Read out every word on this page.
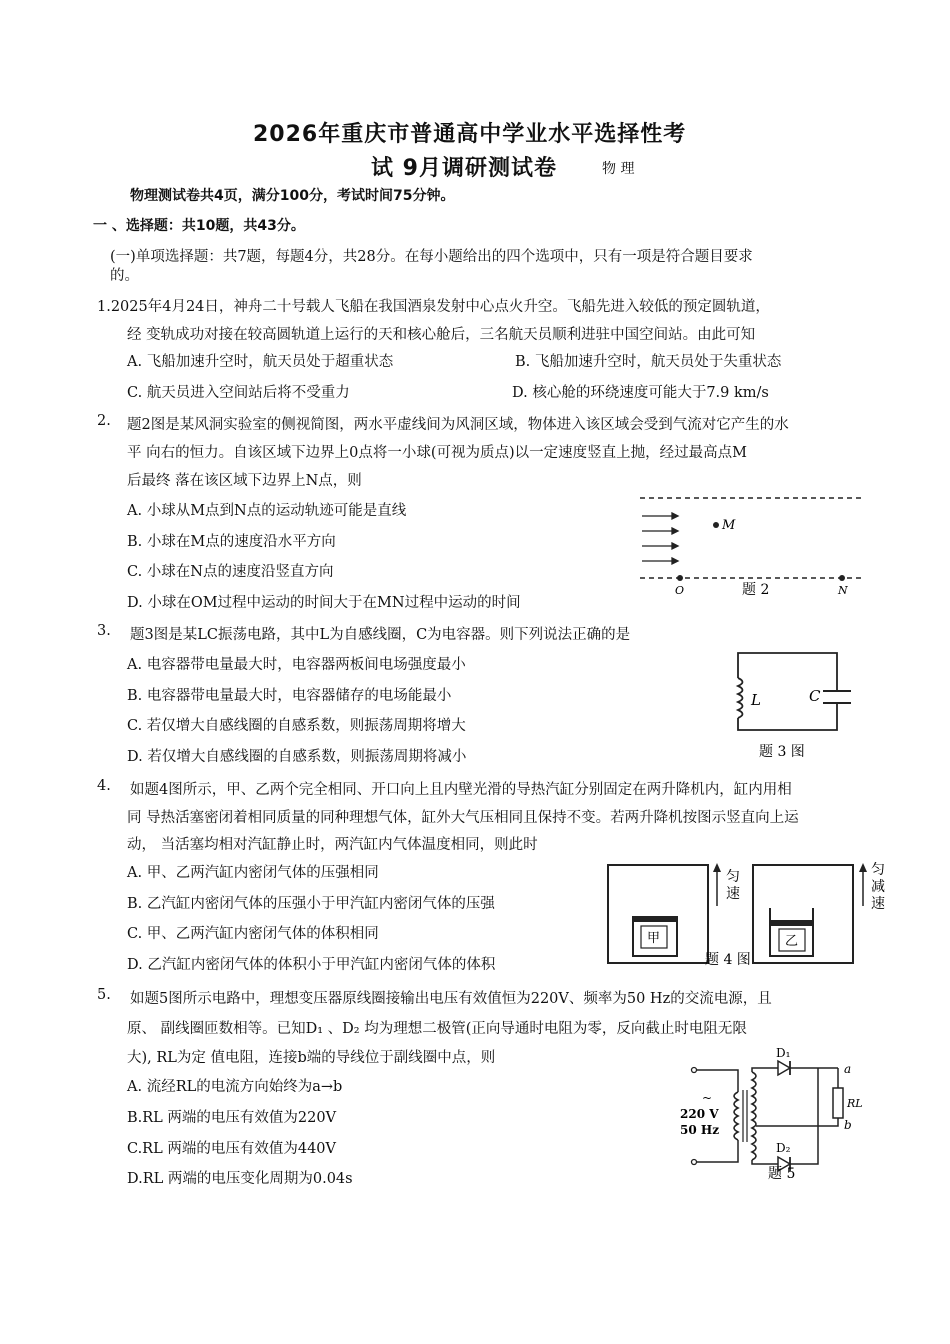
2026年重庆市普通高中学业水平选择性考
试 9月调研测试卷	物 理
物理测试卷共4页，满分100分，考试时间75分钟。
一 、选择题：共10题，共43分。
(一)单项选择题：共7题，每题4分，共28分。在每小题给出的四个选项中，只有一项是符合题目要求
的。
1.2025年4月24日，神舟二十号载人飞船在我国酒泉发射中心点火升空。飞船先进入较低的预定圆轨道，
经 变轨成功对接在较高圆轨道上运行的天和核心舱后，三名航天员顺利进驻中国空间站。由此可知
A. 飞船加速升空时，航天员处于超重状态	B. 飞船加速升空时，航天员处于失重状态
C. 航天员进入空间站后将不受重力	D. 核心舱的环绕速度可能大于7.9 km/s
2. 题2图是某风洞实验室的侧视简图，两水平虚线间为风洞区域，物体进入该区域会受到气流对它产生的水
平 向右的恒力。自该区域下边界上0点将一小球(可视为质点)以一定速度竖直上抛，经过最高点M
后最终 落在该区域下边界上N点，则
A. 小球从M点到N点的运动轨迹可能是直线
B. 小球在M点的速度沿水平方向
C. 小球在N点的速度沿竖直方向
D. 小球在OM过程中运动的时间大于在MN过程中运动的时间
M
O	N
题 2
3. 题3图是某LC振荡电路，其中L为自感线圈，C为电容器。则下列说法正确的是
A. 电容器带电量最大时，电容器两板间电场强度最小
B. 电容器带电量最大时，电容器储存的电场能最小
C. 若仅增大自感线圈的自感系数，则振荡周期将增大
D. 若仅增大自感线圈的自感系数，则振荡周期将减小
L	C
题 3 图
4. 如题4图所示，甲、乙两个完全相同、开口向上且内壁光滑的导热汽缸分别固定在两升降机内，缸内用相
同 导热活塞密闭着相同质量的同种理想气体，缸外大气压相同且保持不变。若两升降机按图示竖直向上运
动， 当活塞均相对汽缸静止时，两汽缸内气体温度相同，则此时
A. 甲、乙两汽缸内密闭气体的压强相同
B. 乙汽缸内密闭气体的压强小于甲汽缸内密闭气体的压强
C. 甲、乙两汽缸内密闭气体的体积相同
D. 乙汽缸内密闭气体的体积小于甲汽缸内密闭气体的体积
甲
匀
速
乙
匀
减
速
题 4 图
5. 如题5图所示电路中，理想变压器原线圈接输出电压有效值恒为220V、频率为50 Hz的交流电源，且
原、 副线圈匝数相等。已知D₁ 、D₂ 均为理想二极管(正向导通时电阻为零，反向截止时电阻无限
大), RL为定 值电阻，连接b端的导线位于副线圈中点，则
A. 流经RL的电流方向始终为a→b
B.RL 两端的电压有效值为220V
C.RL 两端的电压有效值为440V
D.RL 两端的电压变化周期为0.04s
D₁
D₂
a
b
RL
~
220 V
50 Hz
题 5
